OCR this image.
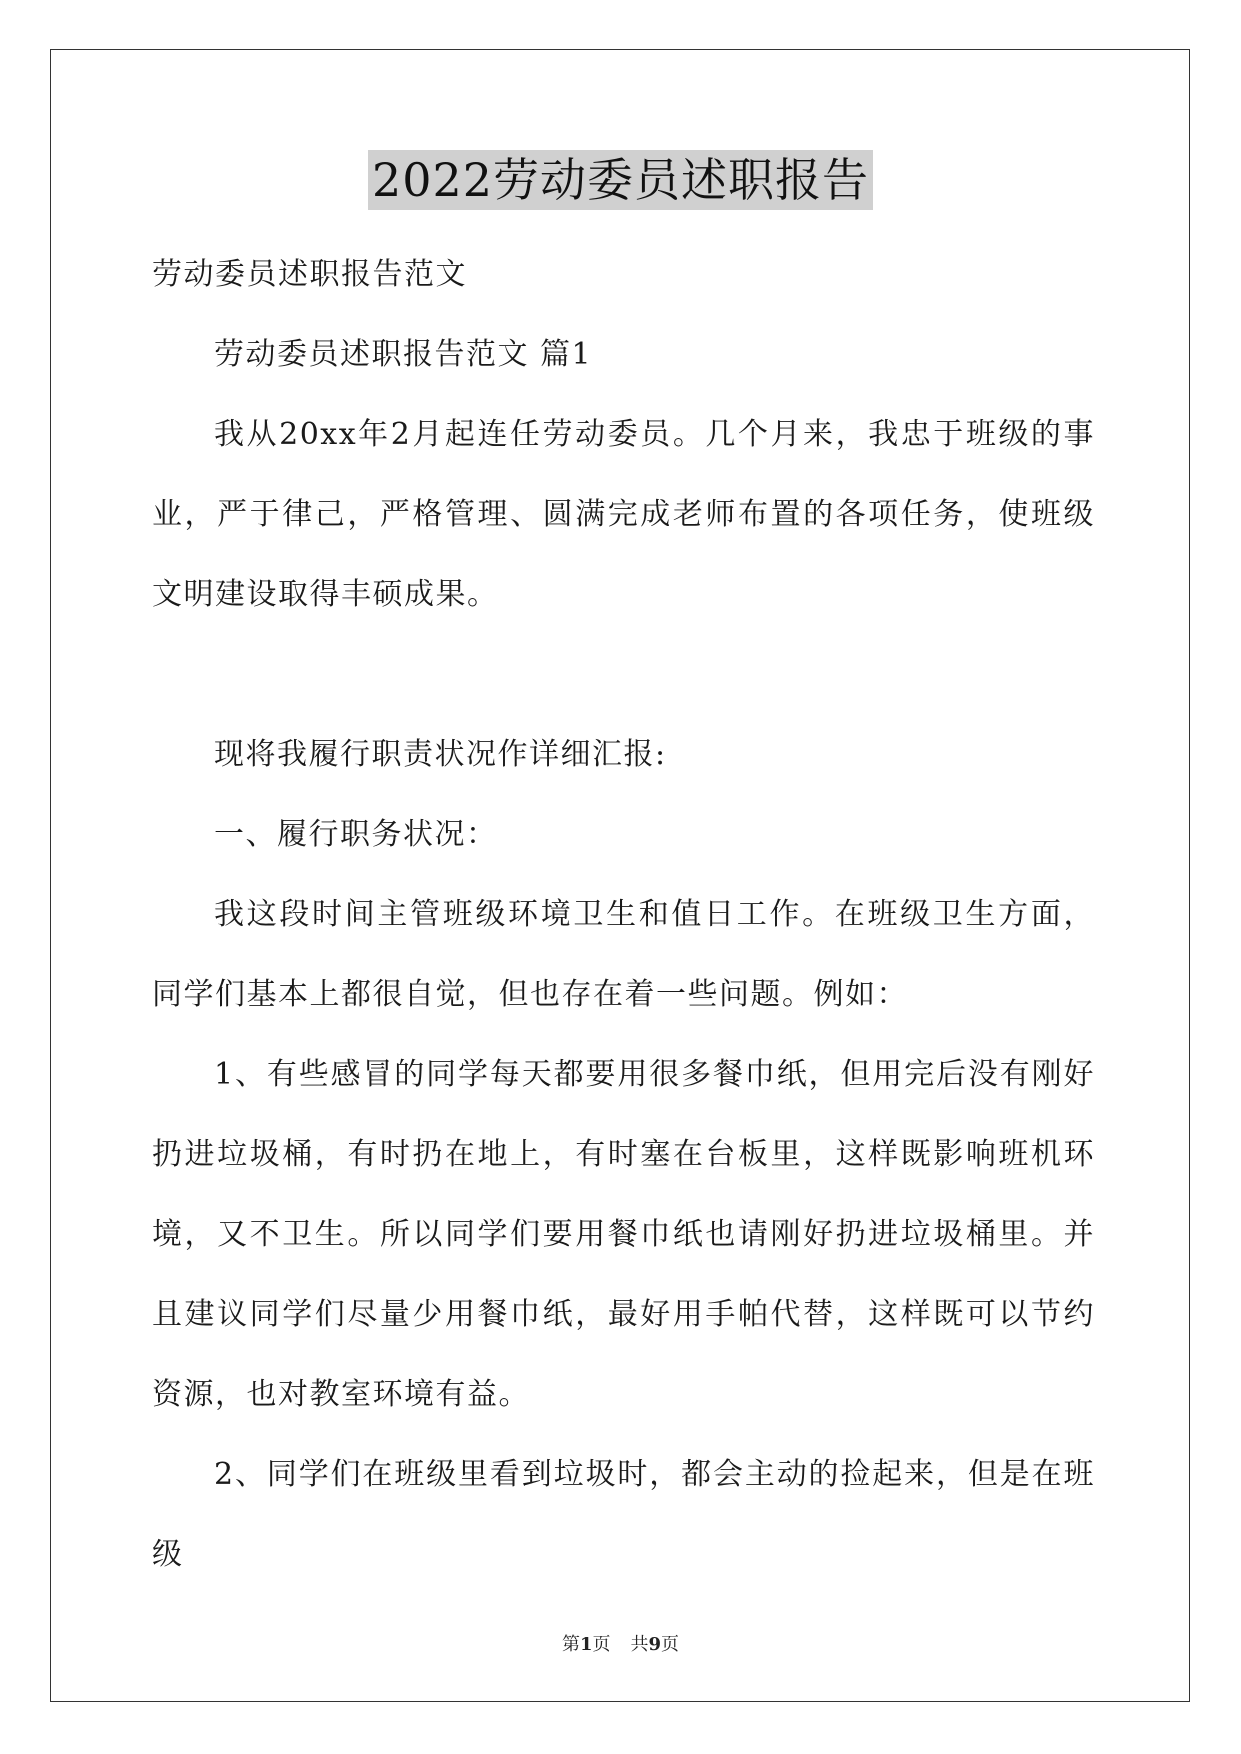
2022劳动委员述职报告

劳动委员述职报告范文

劳动委员述职报告范文 篇1

我从20xx年2月起连任劳动委员。几个月来，我忠于班级的事业，严于律己，严格管理、圆满完成老师布置的各项任务，使班级文明建设取得丰硕成果。

现将我履行职责状况作详细汇报:

一、履行职务状况：

我这段时间主管班级环境卫生和值日工作。在班级卫生方面，同学们基本上都很自觉，但也存在着一些问题。例如：

1、有些感冒的同学每天都要用很多餐巾纸，但用完后没有刚好扔进垃圾桶，有时扔在地上，有时塞在台板里，这样既影响班机环境，又不卫生。所以同学们要用餐巾纸也请刚好扔进垃圾桶里。并且建议同学们尽量少用餐巾纸，最好用手帕代替，这样既可以节约资源，也对教室环境有益。

2、同学们在班级里看到垃圾时，都会主动的捡起来，但是在班级

第1页 共9页
